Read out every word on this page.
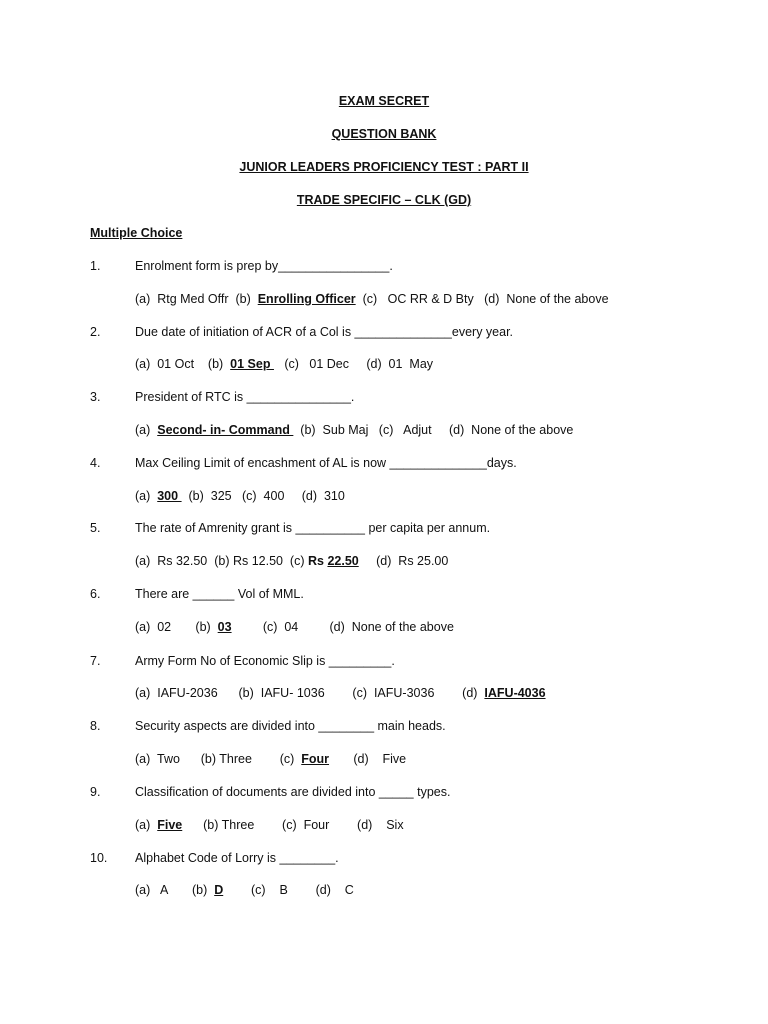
EXAM SECRET
QUESTION BANK
JUNIOR LEADERS PROFICIENCY TEST : PART II
TRADE SPECIFIC – CLK (GD)
Multiple Choice
1.	Enrolment form is prep by________________.
(a)  Rtg Med Offr  (b)  Enrolling Officer  (c)   OC RR & D Bty   (d)  None of the above
2.	Due date of initiation of ACR of a Col is ______________every year.
(a)  01 Oct    (b)  01 Sep    (c)   01 Dec     (d)  01  May
3.	President of RTC is _______________.
(a)  Second- in- Command   (b)  Sub Maj   (c)   Adjut     (d)  None of the above
4.	Max Ceiling Limit of encashment of AL is now ______________days.
(a)  300   (b)  325   (c)  400     (d)  310
5.	The rate of Amrenity grant is __________ per capita per annum.
(a)  Rs 32.50  (b) Rs 12.50  (c) Rs 22.50     (d)  Rs 25.00
6.	There are ______ Vol of MML.
(a)  02       (b)  03         (c)  04         (d)  None of the above
7.	Army Form No of Economic Slip is _________.
(a)  IAFU-2036      (b)  IAFU- 1036        (c)  IAFU-3036        (d)  IAFU-4036
8.	Security aspects are divided into ________ main heads.
(a)  Two      (b) Three        (c)  Four       (d)    Five
9.	Classification of documents are divided into _____ types.
(a)  Five      (b) Three        (c)  Four        (d)    Six
10. Alphabet Code of Lorry is ________.
(a)   A       (b)  D        (c)    B        (d)    C
